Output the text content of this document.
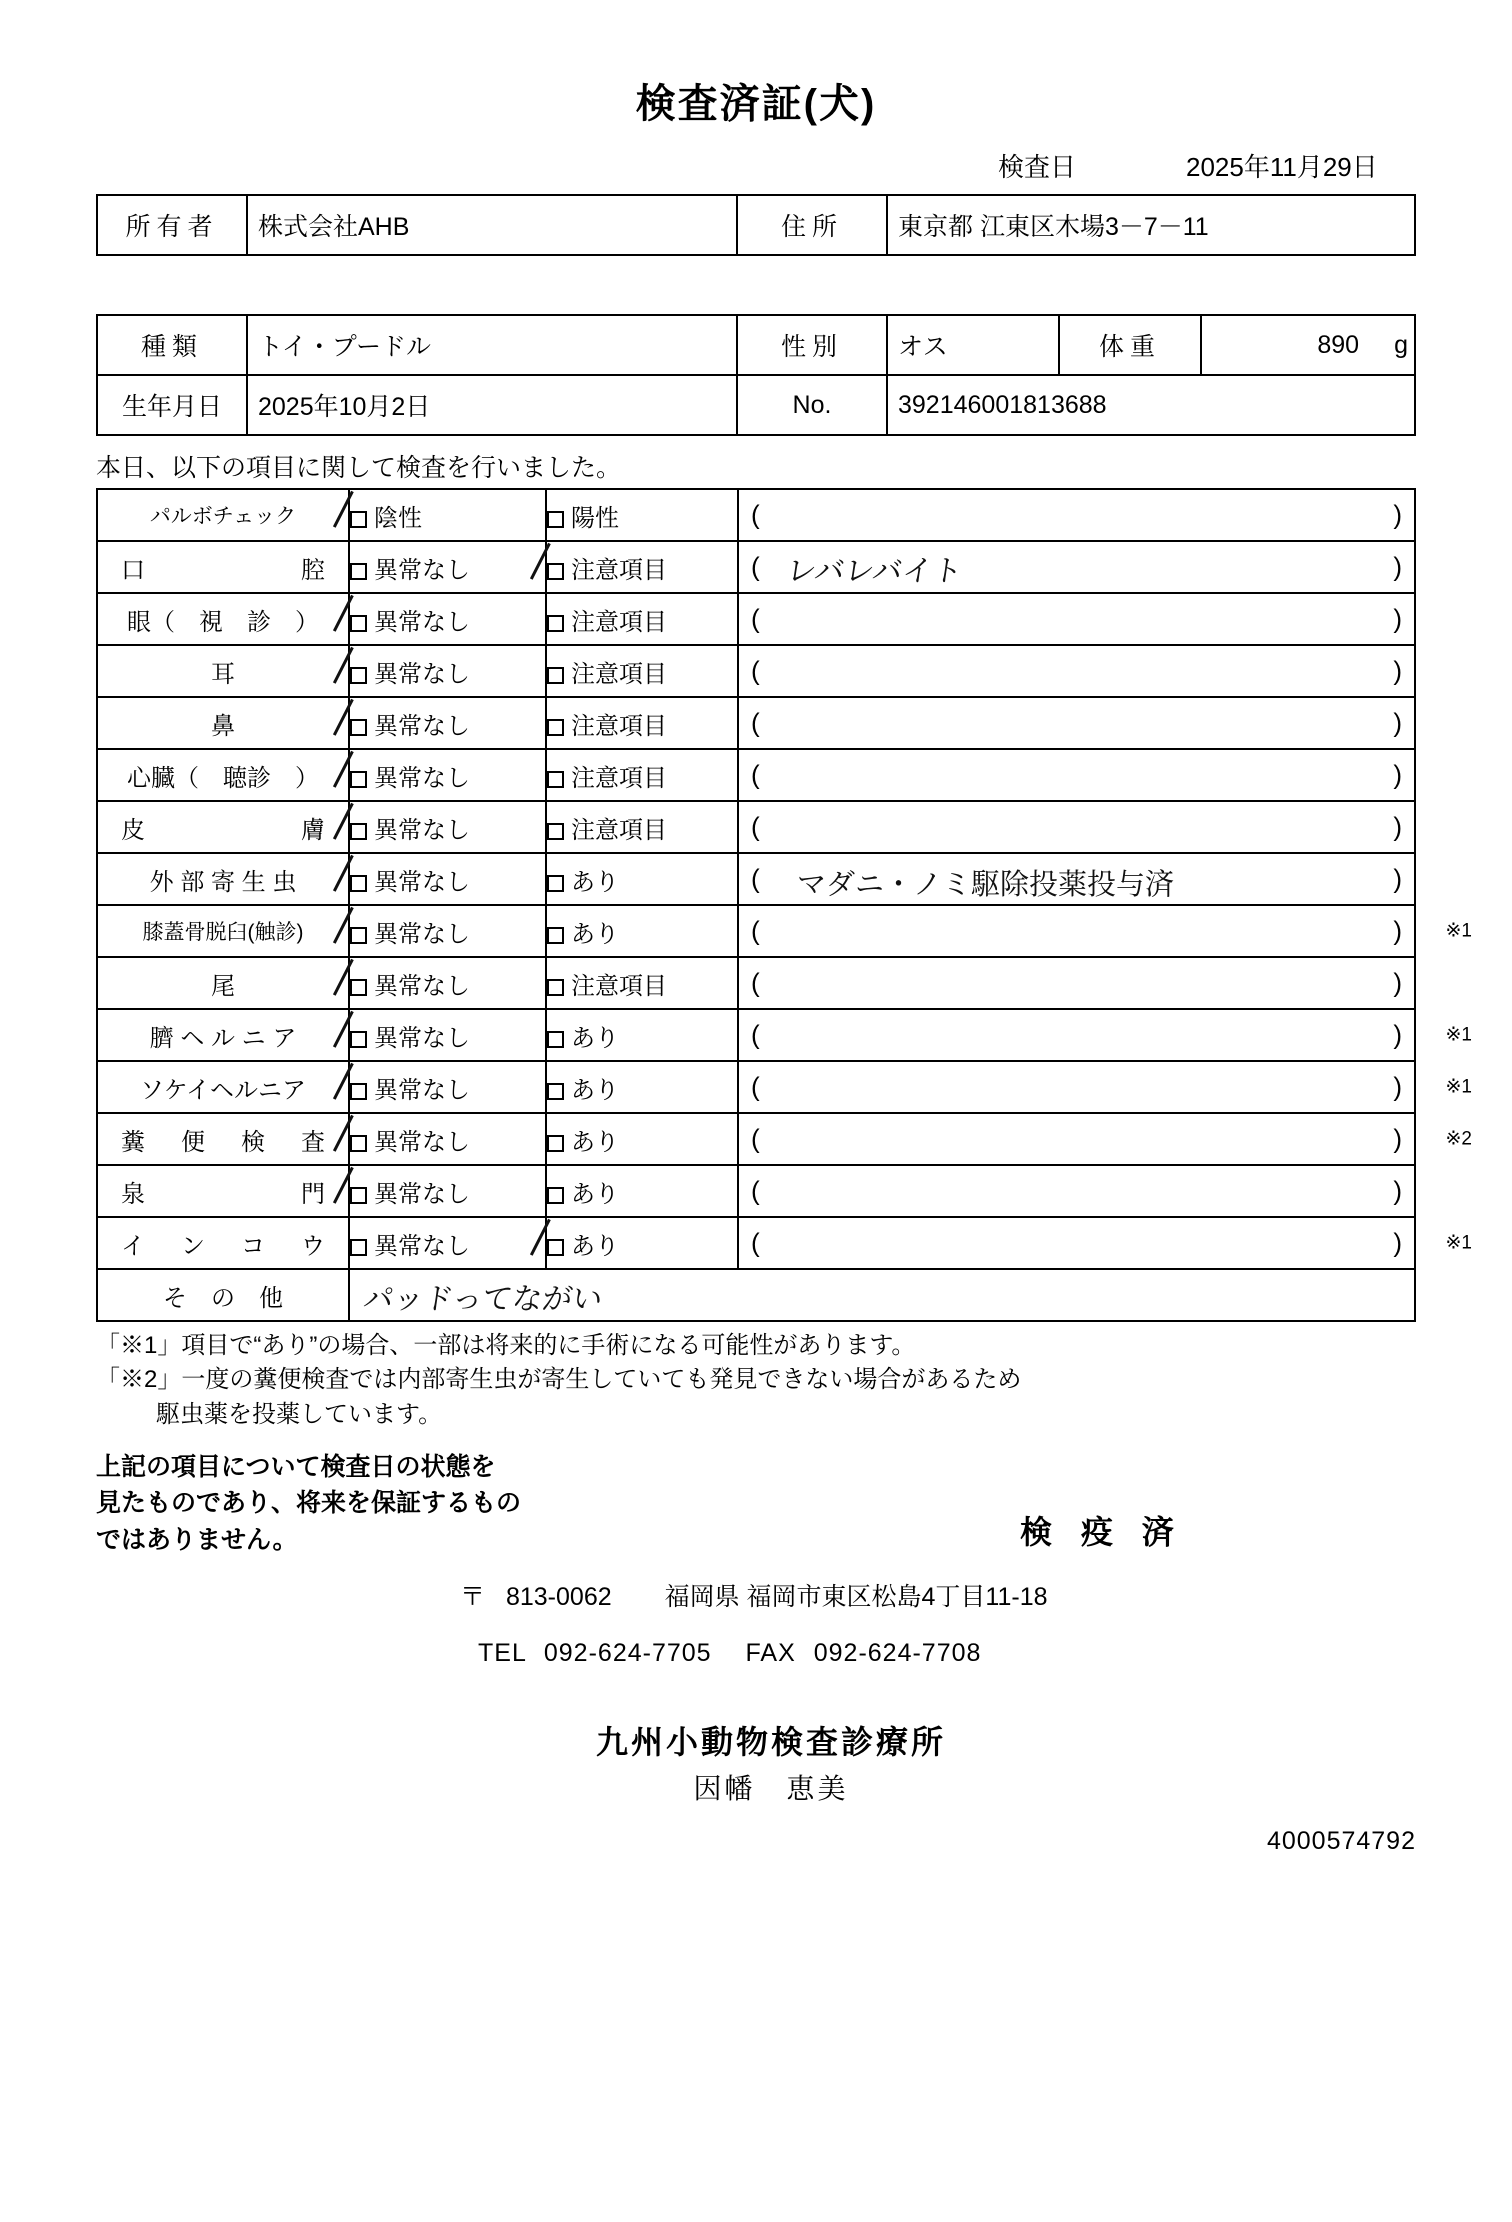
検査済証(犬)
検査日	2025年11月29日
所有者	株式会社AHB	住所	東京都 江東区木場3－7－11
種類	トイ・プードル	性別	オス	体重	890 g
生年月日	2025年10月2日	No.	392146001813688		
本日、以下の項目に関して検査を行いました。
パルボチェック	陰性	陽性	( )

口　　　　　腔	異常なし	注意項目	( )
レバレバイト

眼（　視　診　）	異常なし	注意項目	( )

耳	異常なし	注意項目	( )

鼻	異常なし	注意項目	( )

心臓（　聴診　）	異常なし	注意項目	( )

皮　　　　　膚	異常なし	注意項目	( )

外 部 寄 生 虫	異常なし	あり	( )
マダニ・ノミ駆除投薬投与済

膝蓋骨脱臼(触診)	異常なし	あり	( ) ※1

尾	異常なし	注意項目	( )

臍 ヘ ル ニ ア	異常なし	あり	( ) ※1

ソケイヘルニア	異常なし	あり	( ) ※1

糞　便　検　査	異常なし	あり	( ) ※2

泉　　　　　門	異常なし	あり	( )

イ　ン　コ　ウ	異常なし	あり	( ) ※1

そ　の　他	パッドってながい		
「※1」項目で“あり”の場合、一部は将来的に手術になる可能性があります。
「※2」一度の糞便検査では内部寄生虫が寄生していても発見できない場合があるため
駆虫薬を投薬しています。
上記の項目について検査日の状態を
見たものであり、将来を保証するもの
ではありません。	検 疫 済
〒 813-0062 福岡県 福岡市東区松島4丁目11-18
TEL 092-624-7705 FAX 092-624-7708
九州小動物検査診療所
因幡　恵美
4000574792
